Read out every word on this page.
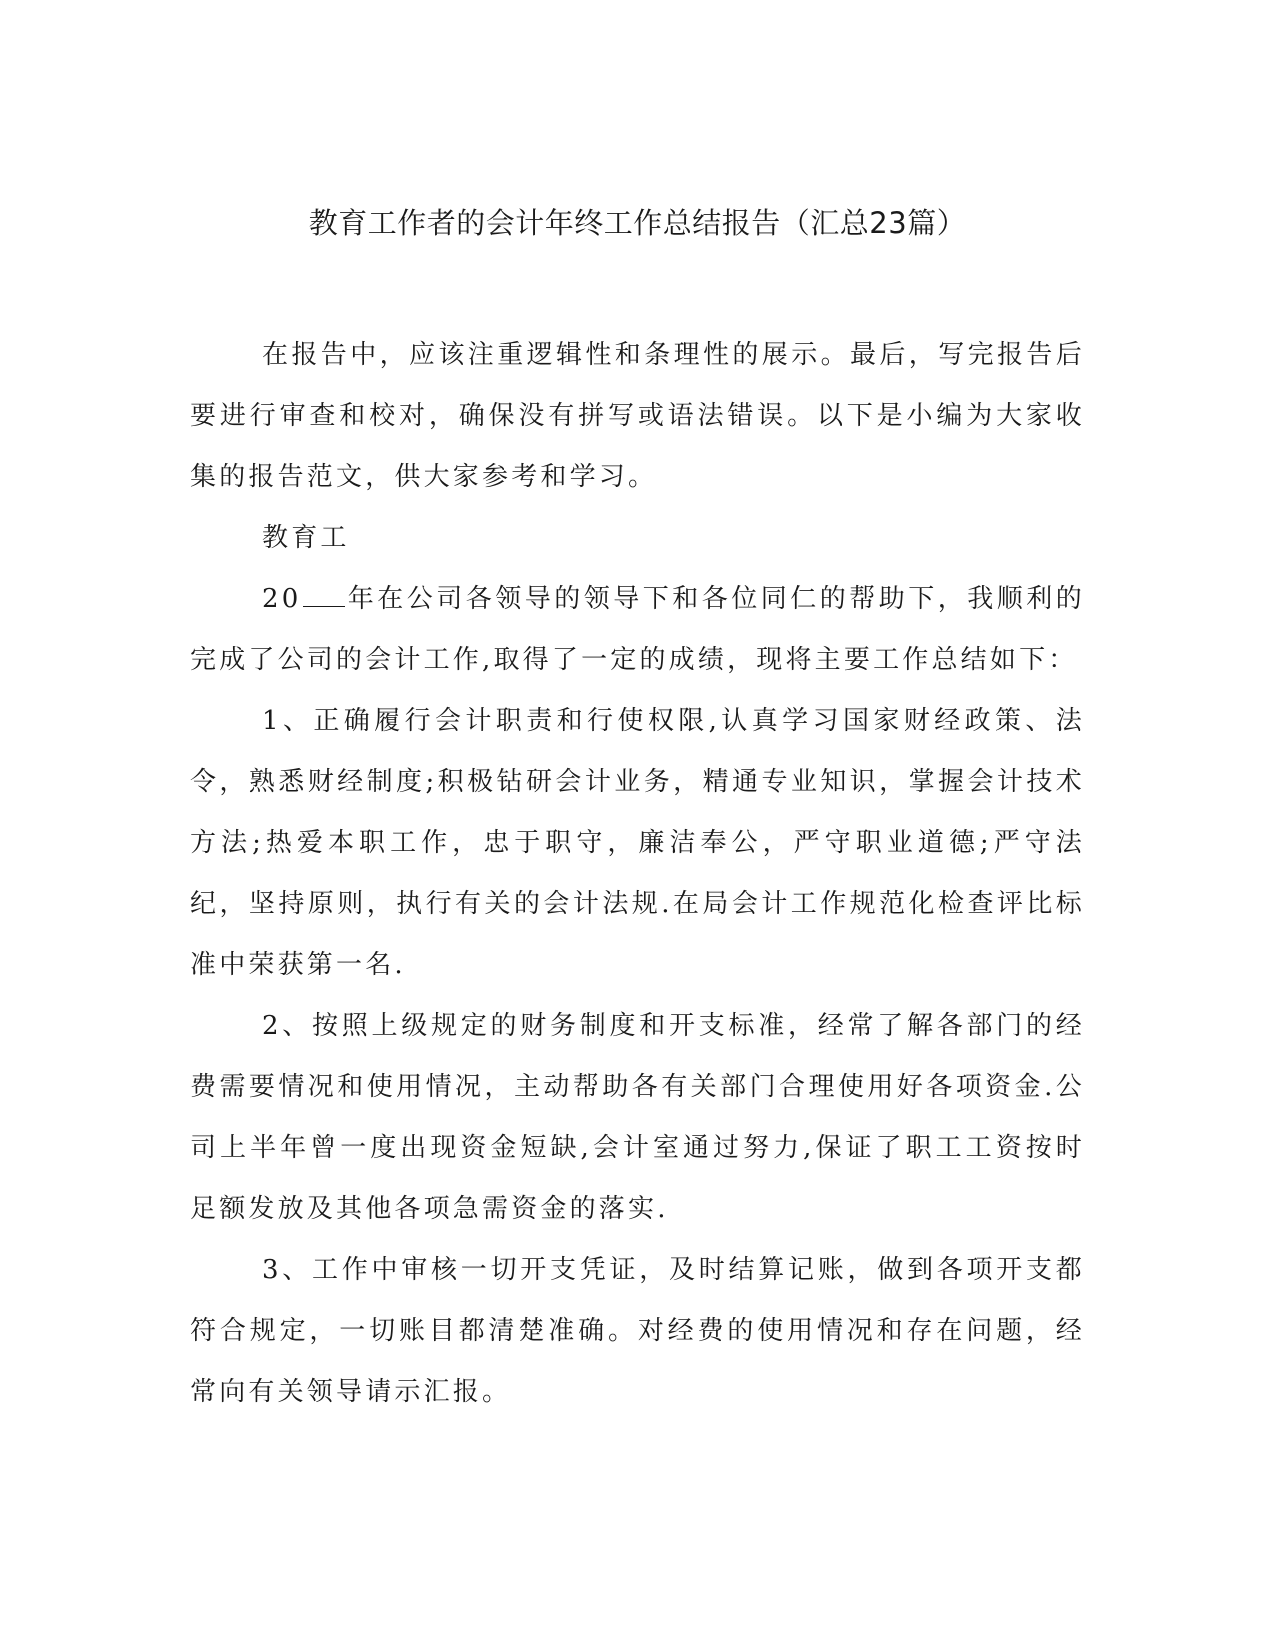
教育工作者的会计年终工作总结报告（汇总23篇）

在报告中，应该注重逻辑性和条理性的展示。最后，写完报告后要进行审查和校对，确保没有拼写或语法错误。以下是小编为大家收集的报告范文，供大家参考和学习。

教育工

20 年在公司各领导的领导下和各位同仁的帮助下，我顺利的完成了公司的会计工作,取得了一定的成绩，现将主要工作总结如下：

1、正确履行会计职责和行使权限,认真学习国家财经政策、法令，熟悉财经制度;积极钻研会计业务，精通专业知识，掌握会计技术方法;热爱本职工作，忠于职守，廉洁奉公，严守职业道德;严守法纪，坚持原则，执行有关的会计法规.在局会计工作规范化检查评比标准中荣获第一名.

2、按照上级规定的财务制度和开支标准，经常了解各部门的经费需要情况和使用情况，主动帮助各有关部门合理使用好各项资金.公司上半年曾一度出现资金短缺,会计室通过努力,保证了职工工资按时足额发放及其他各项急需资金的落实.

3、工作中审核一切开支凭证，及时结算记账，做到各项开支都符合规定，一切账目都清楚准确。对经费的使用情况和存在问题，经常向有关领导请示汇报。
